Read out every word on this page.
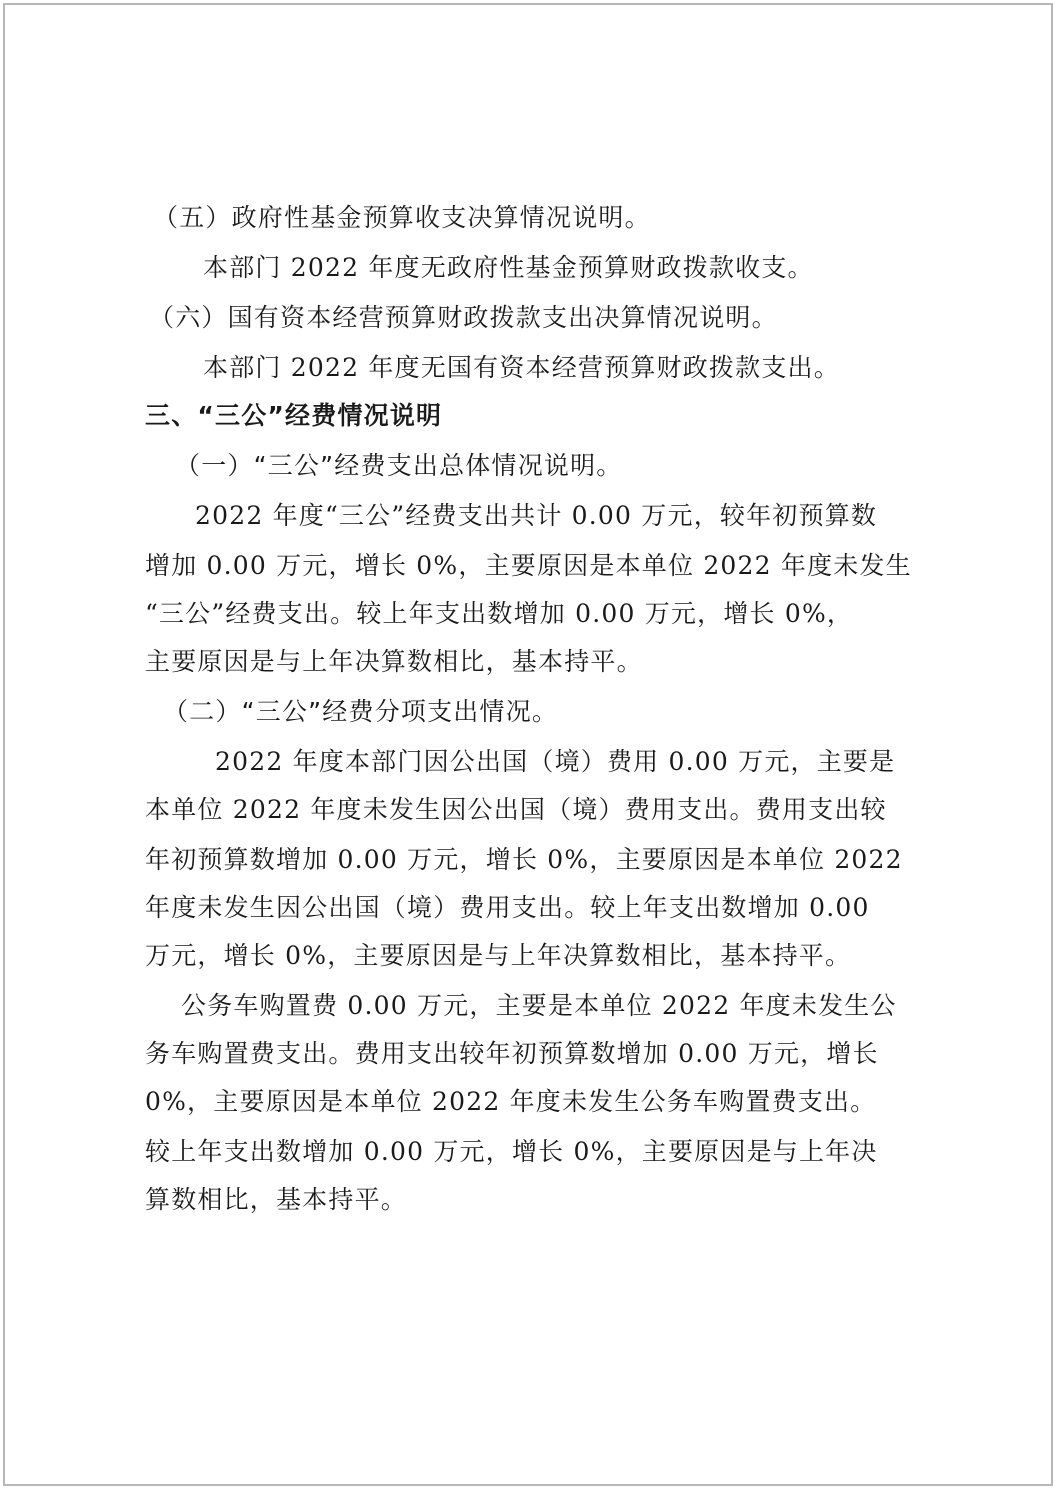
（五）政府性基金预算收支决算情况说明。
本部门 2022 年度无政府性基金预算财政拨款收支。
（六）国有资本经营预算财政拨款支出决算情况说明。
本部门 2022 年度无国有资本经营预算财政拨款支出。
三、“三公”经费情况说明
（一）“三公”经费支出总体情况说明。
2022 年度“三公”经费支出共计 0.00 万元，较年初预算数
增加 0.00 万元，增长 0%，主要原因是本单位 2022 年度未发生
“三公”经费支出。较上年支出数增加 0.00 万元，增长 0%，
主要原因是与上年决算数相比，基本持平。
（二）“三公”经费分项支出情况。
2022 年度本部门因公出国（境）费用 0.00 万元，主要是
本单位 2022 年度未发生因公出国（境）费用支出。费用支出较
年初预算数增加 0.00 万元，增长 0%，主要原因是本单位 2022
年度未发生因公出国（境）费用支出。较上年支出数增加 0.00
万元，增长 0%，主要原因是与上年决算数相比，基本持平。
公务车购置费 0.00 万元，主要是本单位 2022 年度未发生公
务车购置费支出。费用支出较年初预算数增加 0.00 万元，增长
0%，主要原因是本单位 2022 年度未发生公务车购置费支出。
较上年支出数增加 0.00 万元，增长 0%，主要原因是与上年决
算数相比，基本持平。
